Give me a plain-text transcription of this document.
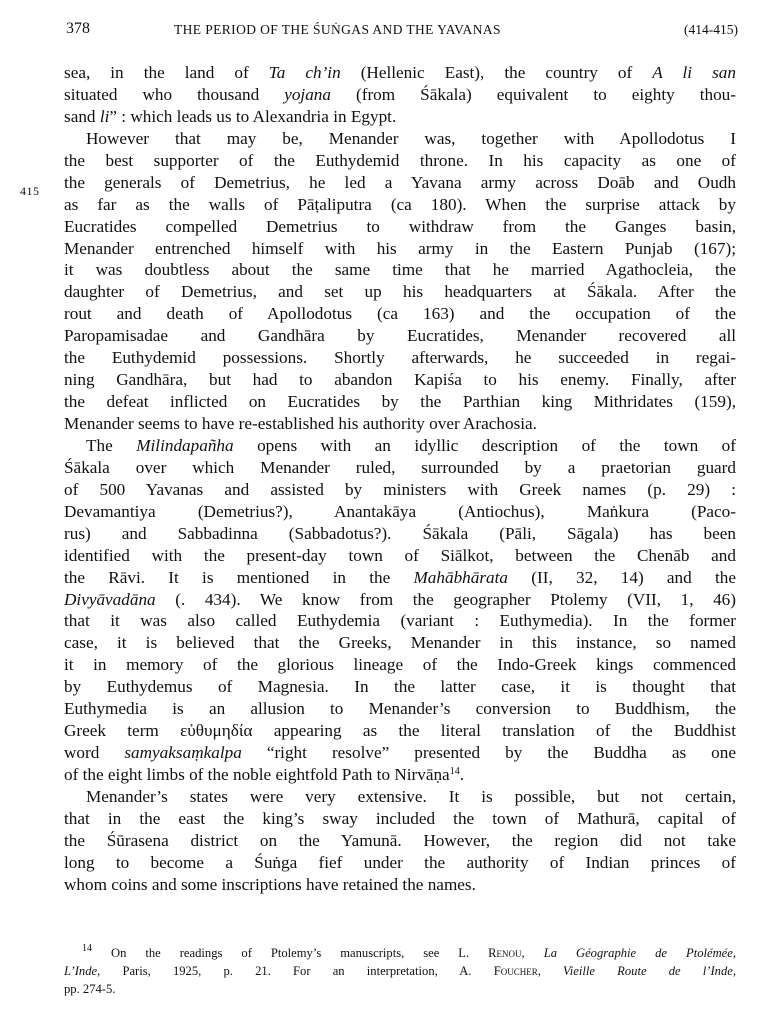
378	THE PERIOD OF THE ŚUṄGAS AND THE YAVANAS	(414-415)
415
sea, in the land of Ta ch’in (Hellenic East), the country of A li san
situated who thousand yojana (from Śākala) equivalent to eighty thou-
sand li” : which leads us to Alexandria in Egypt.
However that may be, Menander was, together with Apollodotus I
the best supporter of the Euthydemid throne. In his capacity as one of
the generals of Demetrius, he led a Yavana army across Doāb and Oudh
as far as the walls of Pāṭaliputra (ca 180). When the surprise attack by
Eucratides compelled Demetrius to withdraw from the Ganges basin,
Menander entrenched himself with his army in the Eastern Punjab (167);
it was doubtless about the same time that he married Agathocleia, the
daughter of Demetrius, and set up his headquarters at Śākala. After the
rout and death of Apollodotus (ca 163) and the occupation of the
Paropamisadae and Gandhāra by Eucratides, Menander recovered all
the Euthydemid possessions. Shortly afterwards, he succeeded in regai-
ning Gandhāra, but had to abandon Kapiśa to his enemy. Finally, after
the defeat inflicted on Eucratides by the Parthian king Mithridates (159),
Menander seems to have re-established his authority over Arachosia.
The Milindapañha opens with an idyllic description of the town of
Śākala over which Menander ruled, surrounded by a praetorian guard
of 500 Yavanas and assisted by ministers with Greek names (p. 29) :
Devamantiya (Demetrius?), Anantakāya (Antiochus), Maṅkura (Paco-
rus) and Sabbadinna (Sabbadotus?). Śākala (Pāli, Sāgala) has been
identified with the present-day town of Siālkot, between the Chenāb and
the Rāvi. It is mentioned in the Mahābhārata (II, 32, 14) and the
Divyāvadāna (. 434). We know from the geographer Ptolemy (VII, 1, 46)
that it was also called Euthydemia (variant : Euthymedia). In the former
case, it is believed that the Greeks, Menander in this instance, so named
it in memory of the glorious lineage of the Indo-Greek kings commenced
by Euthydemus of Magnesia. In the latter case, it is thought that
Euthymedia is an allusion to Menander’s conversion to Buddhism, the
Greek term εὐθυμηδία appearing as the literal translation of the Buddhist
word samyaksaṃkalpa “right resolve” presented by the Buddha as one
of the eight limbs of the noble eightfold Path to Nirvāṇa$^{14}$.
Menander’s states were very extensive. It is possible, but not certain,
that in the east the king’s sway included the town of Mathurā, capital of
the Śūrasena district on the Yamunā. However, the region did not take
long to become a Śuṅga fief under the authority of Indian princes of
whom coins and some inscriptions have retained the names.
$^{14}$ On the readings of Ptolemy’s manuscripts, see L. Renou, La Géographie de Ptolémée,
L’Inde, Paris, 1925, p. 21. For an interpretation, A. Foucher, Vieille Route de l’Inde,
pp. 274-5.
